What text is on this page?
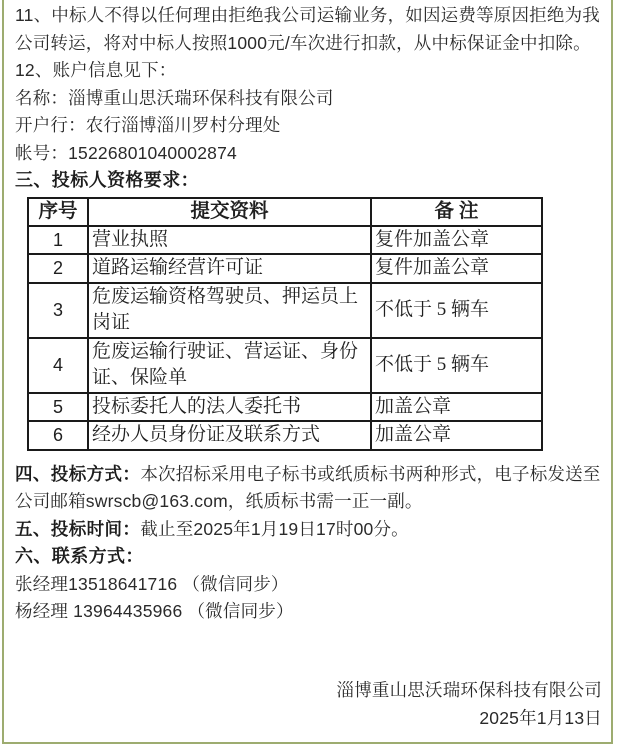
11、中标人不得以任何理由拒绝我公司运输业务，如因运费等原因拒绝为我
公司转运，将对中标人按照1000元/车次进行扣款，从中标保证金中扣除。
12、账户信息见下：
名称：淄博重山思沃瑞环保科技有限公司
开户行：农行淄博淄川罗村分理处
帐号：15226801040002874
三、投标人资格要求：
序号	提交资料	备 注
1	营业执照	复件加盖公章
2	道路运输经营许可证	复件加盖公章
3	危废运输资格驾驶员、押运员上岗证	不低于 5 辆车
4	危废运输行驶证、营运证、身份证、保险单	不低于 5 辆车
5	投标委托人的法人委托书	加盖公章
6	经办人员身份证及联系方式	加盖公章
四、投标方式：本次招标采用电子标书或纸质标书两种形式，电子标发送至
公司邮箱swrscb@163.com，纸质标书需一正一副。
五、投标时间：截止至2025年1月19日17时00分。
六、联系方式：
张经理13518641716 （微信同步）
杨经理 13964435966 （微信同步）
淄博重山思沃瑞环保科技有限公司
2025年1月13日
